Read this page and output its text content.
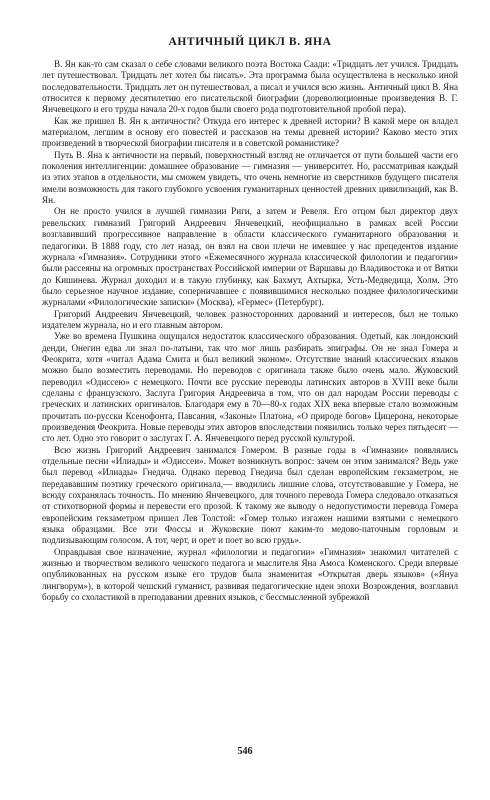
АНТИЧНЫЙ ЦИКЛ В. ЯНА

В. Ян как-то сам сказал о себе словами великого поэта Востока Саади: «Тридцать лет учился. Тридцать лет путешествовал. Тридцать лет хотел бы писать». Эта программа была осуществлена в несколько иной последовательности. Тридцать лет он путешествовал, а писал и учился всю жизнь. Античный цикл В. Яна относится к первому десятилетию его писательской биографии (дореволюционные произведения В. Г. Янчевецкого и его труды начала 20-х годов были своего рода подготовительной пробой пера).

Как же пришел В. Ян к античности? Откуда его интерес к древней истории? В какой мере он владел материалом, легшим в основу его повестей и рассказов на темы древней истории? Каково место этих произведений в творческой биографии писателя и в советской романистике?

Путь В. Яна к античности на первый, поверхностный взгляд не отличается от пути большей части его поколения интеллигенции: домашнее образование — гимназия — университет. Но, рассматривая каждый из этих этапов в отдельности, мы сможем увидеть, что очень немногие из сверстников будущего писателя имели возможность для такого глубокого усвоения гуманитарных ценностей древних цивилизаций, как В. Ян.

Он не просто учился в лучшей гимназии Риги, а затем и Ревеля. Его отцом был директор двух ревельских гимназий Григорий Андреевич Янчевецкий, неофициально в рамках всей России возглавивший прогрессивное направление в области классического гуманитарного образования и педагогики. В 1888 году, сто лет назад, он взял на свои плечи не имевшее у нас прецедентов издание журнала «Гимназия». Сотрудники этого «Ежемесячного журнала классической филологии и педагогии» были рассеяны на огромных пространствах Российской империи от Варшавы до Владивостока и от Вятки до Кишинева. Журнал доходил и в такую глубинку, как Бахмут, Ахтырка, Усть-Медведица, Холм. Это было серьезное научное издание, соперничавшее с появившимися несколько позднее филологическими журналами «Филологические записки» (Москва), «Гермес» (Петербург).

Григорий Андреевич Янчевецкий, человек разносторонних дарований и интересов, был не только издателем журнала, но и его главным автором.

Уже во времена Пушкина ощущался недостаток классического образования. Одетый, как лондонский денди, Онегин едва ли знал по-латыни, так что мог лишь разбирать эпиграфы. Он не знал Гомера и Феокрита, хотя «читал Адама Смита и был великий эконом». Отсутствие знаний классических языков можно было возместить переводами. Но переводов с оригинала также было очень мало. Жуковский переводил «Одиссею» с немецкого. Почти все русские переводы латинских авторов в XVIII веке были сделаны с французского. Заслуга Григория Андреевича в том, что он дал народам России переводы с греческих и латинских оригиналов. Благодаря ему в 70—80-х годах XIX века впервые стало возможным прочитать по-русски Ксенофонта, Павсания, «Законы» Платона, «О природе богов» Цицерона, некоторые произведения Феокрита. Новые переводы этих авторов впоследствии появились только через пятьдесят — сто лет. Одно это говорит о заслугах Г. А. Янчевецкого перед русской культурой.

Всю жизнь Григорий Андреевич занимался Гомером. В разные годы в «Гимназии» появлялись отдельные песни «Илиады» и «Одиссеи». Может возникнуть вопрос: зачем он этим занимался? Ведь уже был перевод «Илиады» Гнедича. Однако перевод Гнедича был сделан европейским гекзаметром, не передававшим поэтику греческого оригинала,— вводились лишние слова, отсутствовавшие у Гомера, не всюду сохранялась точность. По мнению Янчевецкого, для точного перевода Гомера следовало отказаться от стихотворной формы и перевести его прозой. К такому же выводу о недопустимости перевода Гомера европейским гекзаметром пришел Лев Толстой: «Гомер только изгажен нашими взятыми с немецкого языка образцами. Все эти Фоссы и Жуковские поют каким-то медово-паточным горловым и подлизывающим голосом. А тот, черт, и орет и поет во всю грудь».

Оправдывая свое назначение, журнал «филологии и педагогии» «Гимназия» знакомил читателей с жизнью и творчеством великого чешского педагога и мыслителя Яна Амоса Коменского. Среди впервые опубликованных на русском языке его трудов была знаменитая «Открытая дверь языков» («Януа лингворум»), в которой чешский гуманист, развивая педагогические идеи эпохи Возрождения, возглавил борьбу со схоластикой в преподавании древних языков, с бессмысленной зубрежкой

546
